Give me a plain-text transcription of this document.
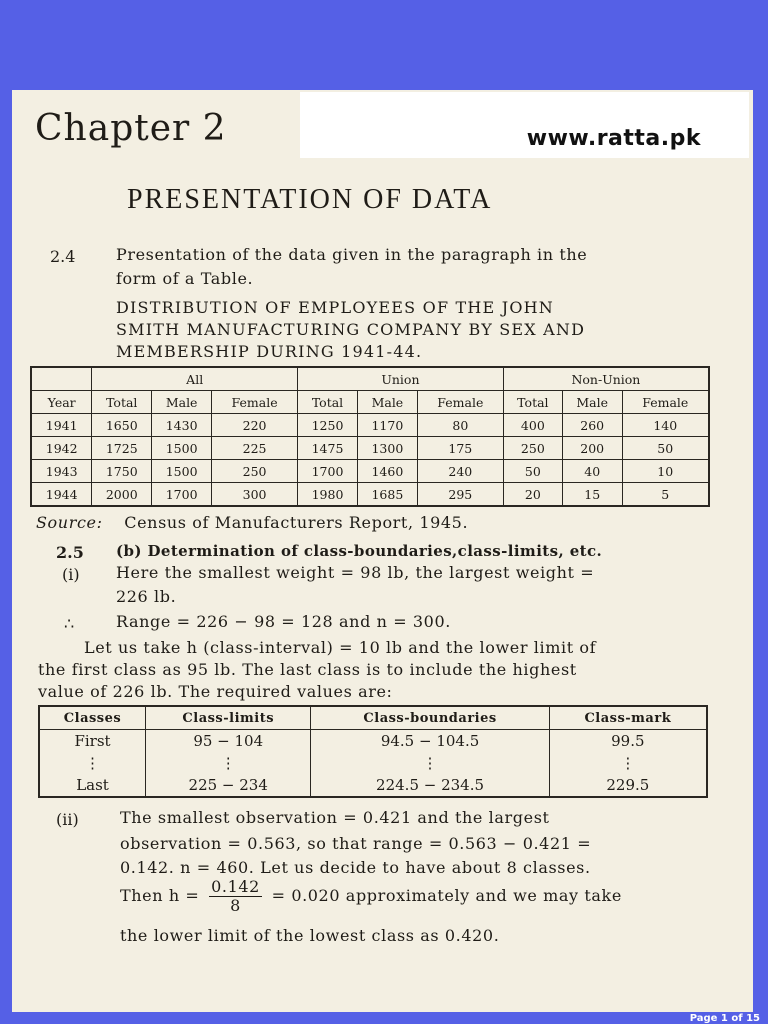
Chapter 2	www.ratta.pk
PRESENTATION OF DATA
2.4	Presentation of the data given in the paragraph in the
form of a Table.
DISTRIBUTION OF EMPLOYEES OF THE JOHN
SMITH MANUFACTURING COMPANY BY SEX AND
MEMBERSHIP DURING 1941-44.
	All			Union			Non-Union		
Year	Total	Male	Female	Total	Male	Female	Total	Male	Female
1941	1650	1430	220	1250	1170	80	400	260	140
1942	1725	1500	225	1475	1300	175	250	200	50
1943	1750	1500	250	1700	1460	240	50	40	10
1944	2000	1700	300	1980	1685	295	20	15	5
Source: Census of Manufacturers Report, 1945.
2.5 (b) Determination of class-boundaries,class-limits, etc.
(i) Here the smallest weight = 98 lb, the largest weight =
226 lb.
∴	Range = 226 − 98 = 128 and n = 300.
Let us take h (class-interval) = 10 lb and the lower limit of
the first class as 95 lb. The last class is to include the highest
value of 226 lb. The required values are:
Classes	Class-limits	Class-boundaries	Class-mark
First	95 − 104	94.5 − 104.5	99.5
⋮	⋮	⋮	⋮
Last	225 − 234	224.5 − 234.5	229.5
(ii)	The smallest observation = 0.421 and the largest
observation = 0.563, so that range = 0.563 − 0.421 =
0.142. n = 460. Let us decide to have about 8 classes.
Then $h = \frac{0.142}{8} = 0.020$ approximately and we may take
the lower limit of the lowest class as 0.420.
Page 1 of 15
